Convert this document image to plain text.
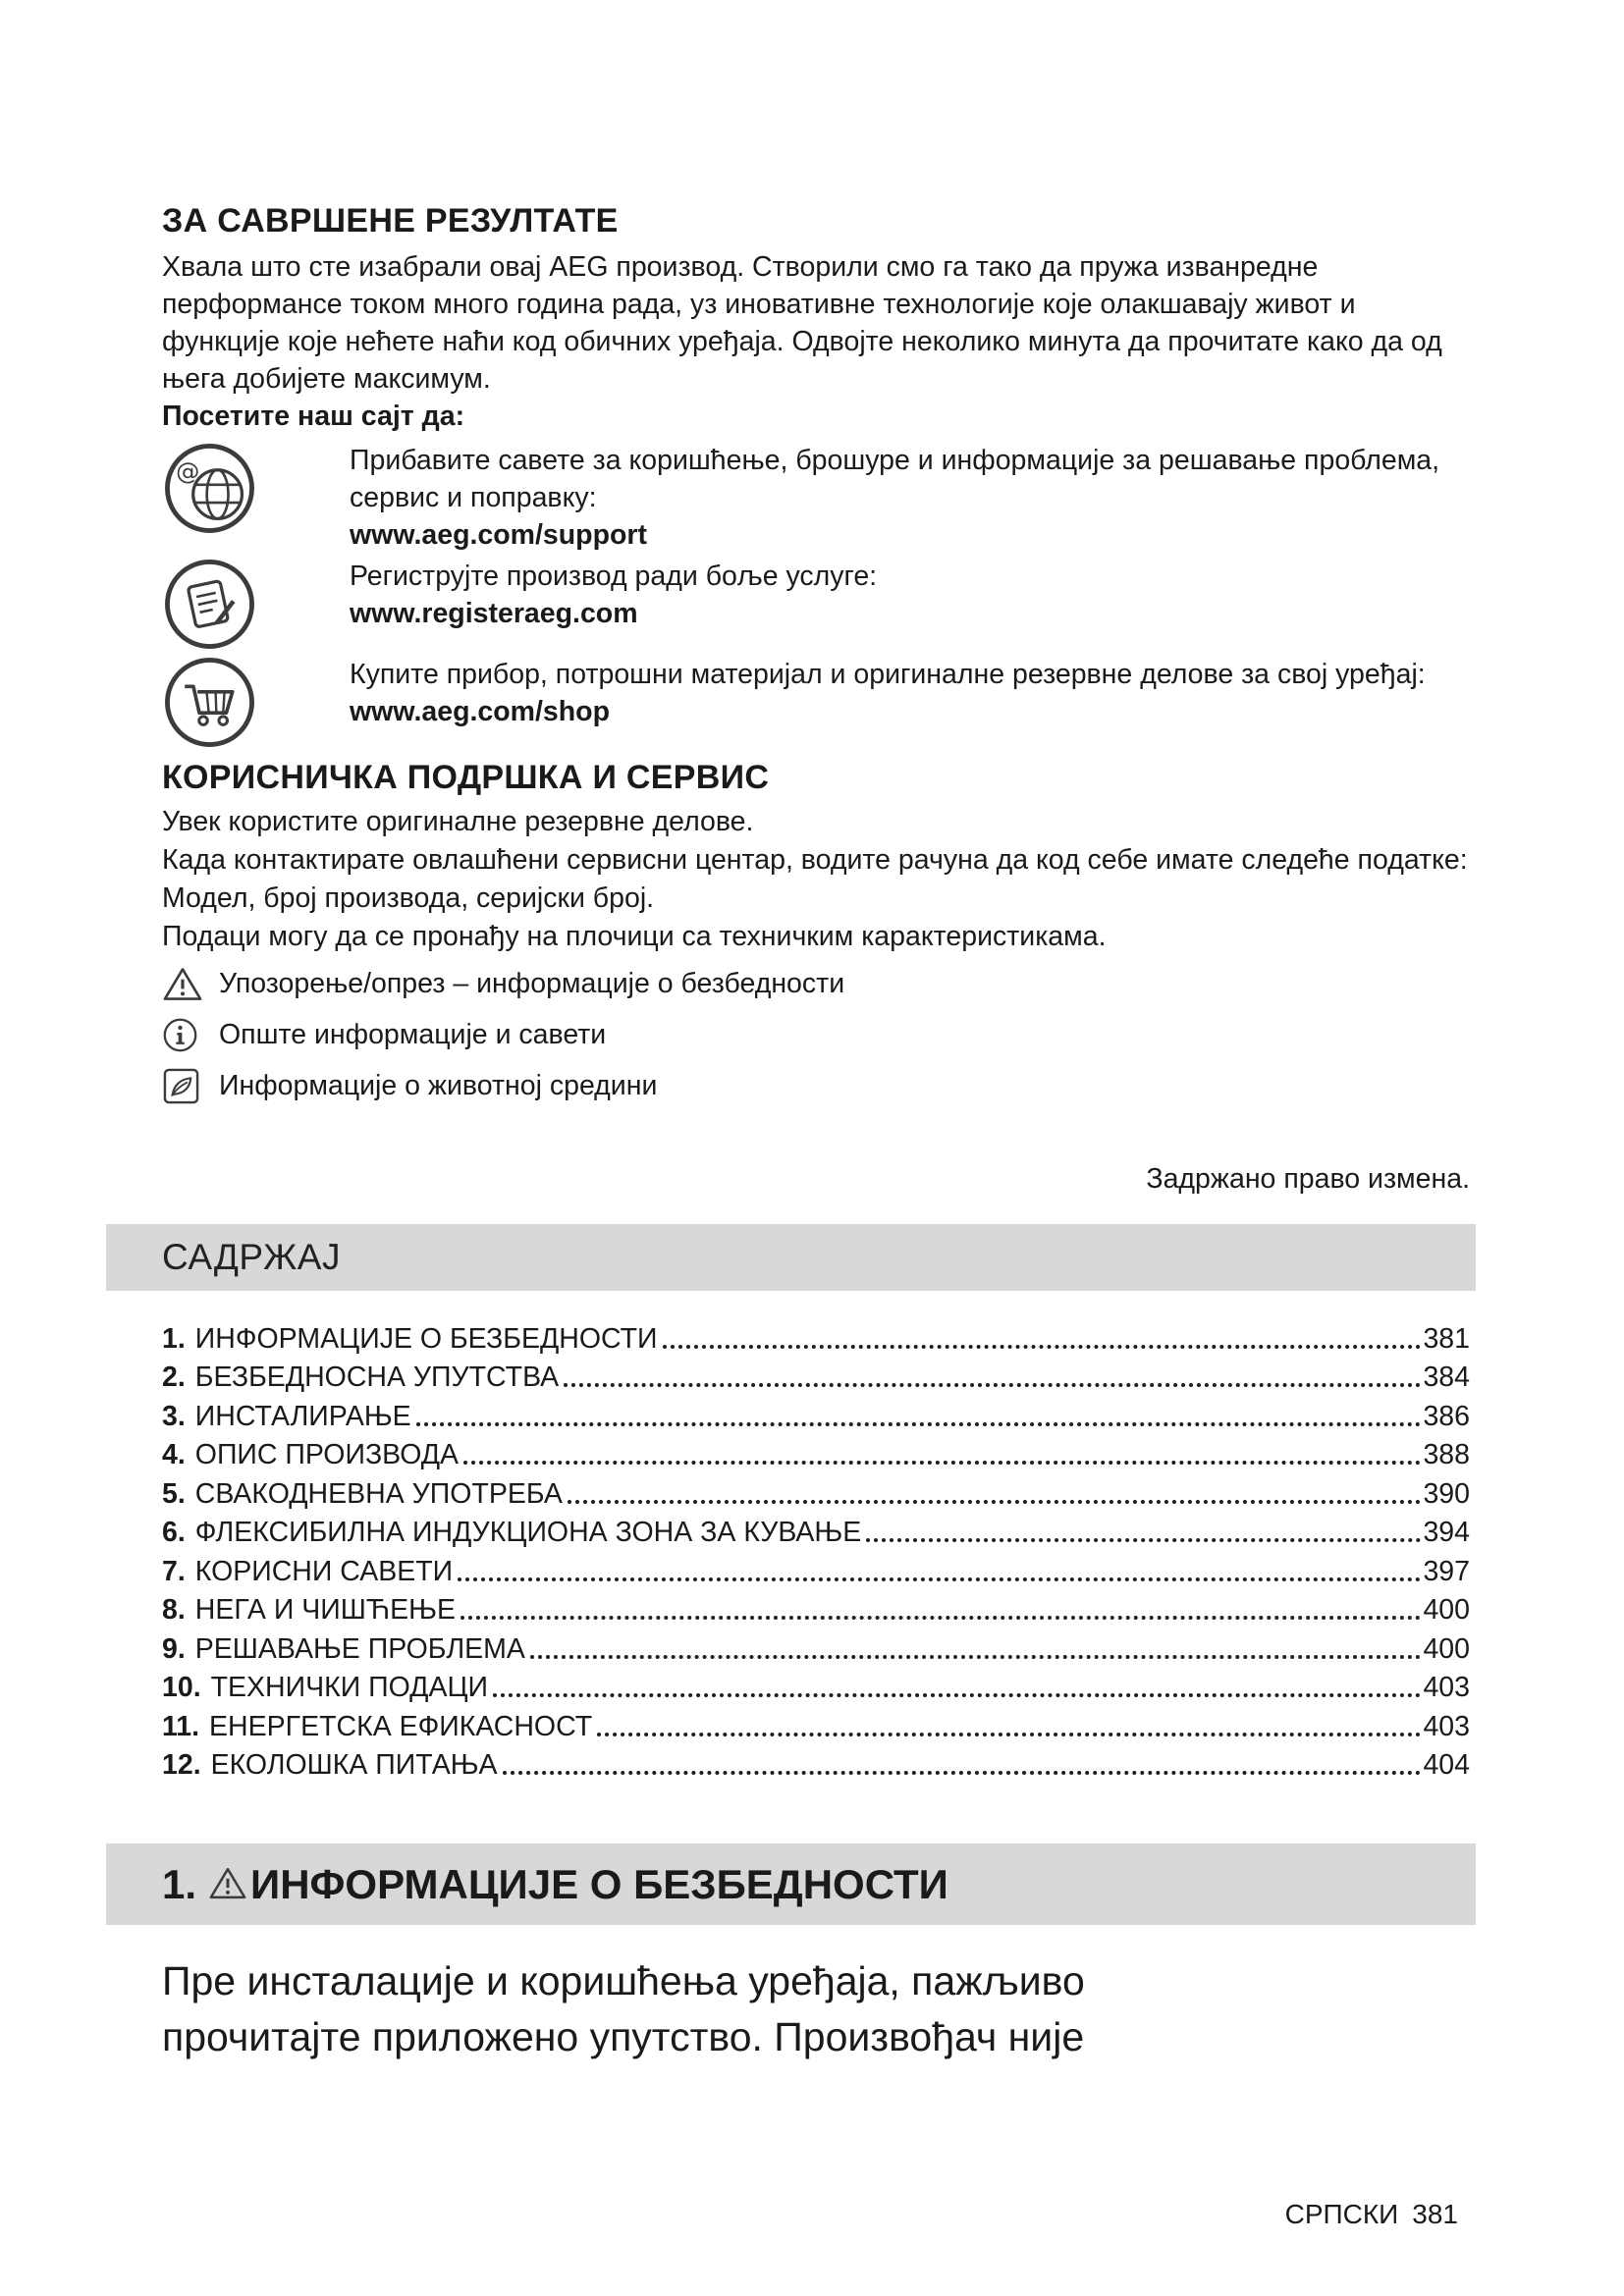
ЗА САВРШЕНЕ РЕЗУЛТАТЕ
Хвала што сте изабрали овај AEG производ. Створили смо га тако да пружа изванредне перформансе током много година рада, уз иновативне технологије које олакшавају живот и функције које нећете наћи код обичних уређаја. Одвојте неколико минута да прочитате како да од њега добијете максимум.
Посетите наш сајт да:
@	Прибавите савете за коришћење, брошуре и информације за решавање проблема, сервис и поправку:
www.aeg.com/support
Региструјте производ ради боље услуге:
www.registeraeg.com
Купите прибор, потрошни материјал и оригиналне резервне делове за свој уређај:
www.aeg.com/shop
КОРИСНИЧКА ПОДРШКА И СЕРВИС
Увек користите оригиналне резервне делове.
Када контактирате овлашћени сервисни центар, водите рачуна да код себе имате следеће податке: Модел, број производа, серијски број.
Подаци могу да се пронађу на плочици са техничким карактеристикама.
Упозорење/опрез – информације о безбедности
Опште информације и савети
Информације о животној средини
Задржано право измена.
САДРЖАЈ
1. ИНФОРМАЦИЈЕ О БЕЗБЕДНОСТИ	381
2. БЕЗБЕДНОСНА УПУТСТВА	384
3. ИНСТАЛИРАЊЕ	386
4. ОПИС ПРОИЗВОДА	388
5. СВАКОДНЕВНА УПОТРЕБА	390
6. ФЛЕКСИБИЛНА ИНДУКЦИОНА ЗОНА ЗА КУВАЊЕ	394
7. КОРИСНИ САВЕТИ	397
8. НЕГА И ЧИШЋЕЊЕ	400
9. РЕШАВАЊЕ ПРОБЛЕМА	400
10. ТЕХНИЧКИ ПОДАЦИ	403
11. ЕНЕРГЕТСКА ЕФИКАСНОСТ	403
12. ЕКОЛОШКА ПИТАЊА	404
1. ИНФОРМАЦИЈЕ О БЕЗБЕДНОСТИ
Пре инсталације и коришћења уређаја, пажљиво
прочитајте приложено упутство. Произвођач није
СРПСКИ 381
